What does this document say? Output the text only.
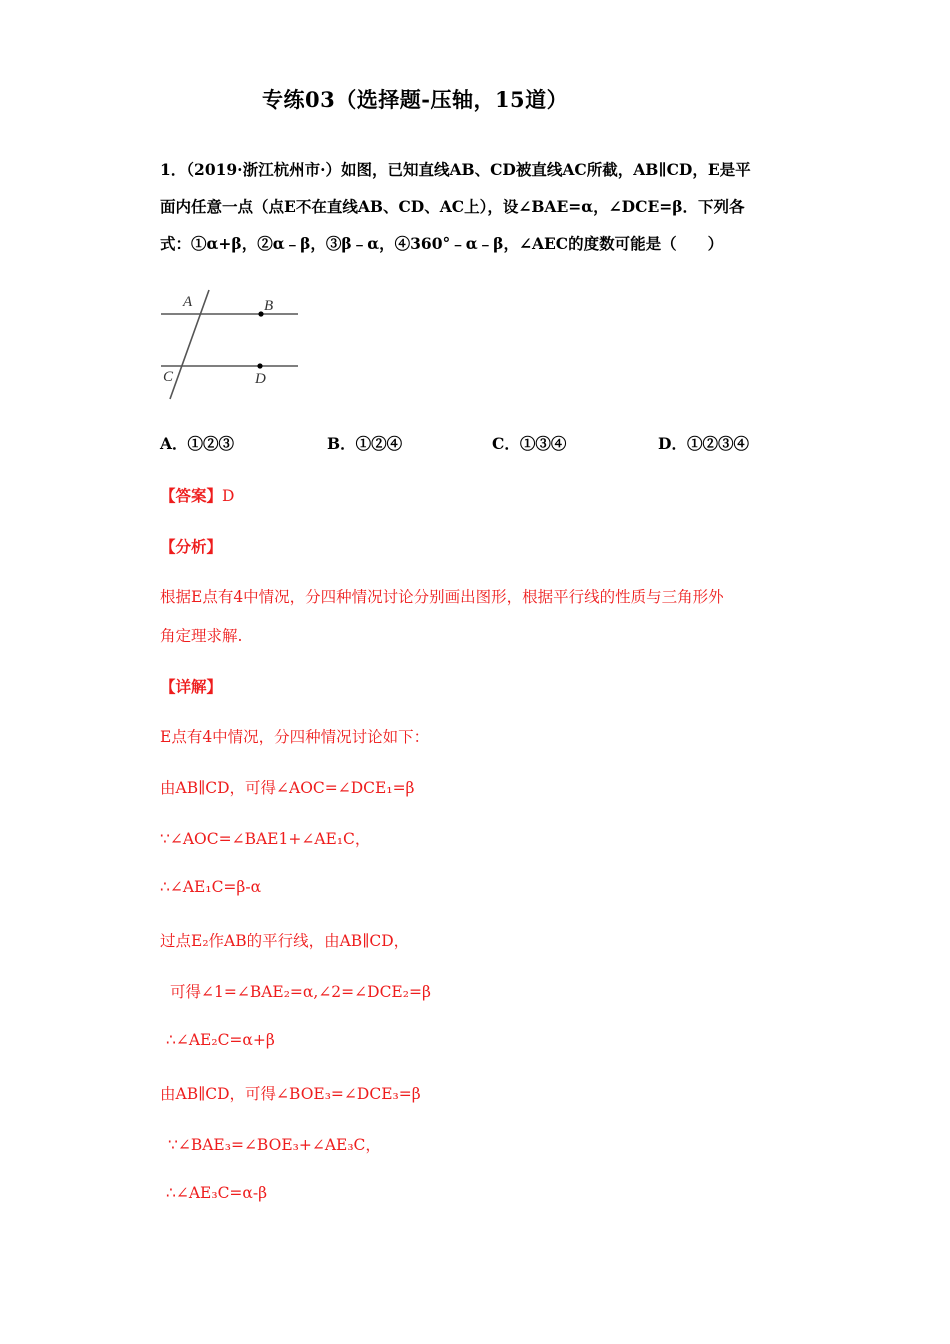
专练03（选择题-压轴，15道）
1．（2019·浙江杭州市·）如图，已知直线AB、CD被直线AC所截，AB∥CD，E是平
面内任意一点（点E不在直线AB、CD、AC上），设∠BAE=α，∠DCE=β．下列各
式：①α+β，②α﹣β，③β﹣α，④360°﹣α﹣β，∠AEC的度数可能是（　　）
A	B
C	D
A．①②③	B．①②④	C．①③④	D．①②③④
【答案】D
【分析】
根据E点有4中情况，分四种情况讨论分别画出图形，根据平行线的性质与三角形外
角定理求解.
【详解】
E点有4中情况，分四种情况讨论如下：
由AB∥CD，可得∠AOC=∠DCE₁=β
∵∠AOC=∠BAE1+∠AE₁C，
∴∠AE₁C=β-α
过点E₂作AB的平行线，由AB∥CD，
可得∠1=∠BAE₂=α,∠2=∠DCE₂=β
∴∠AE₂C=α+β
由AB∥CD，可得∠BOE₃=∠DCE₃=β
∵∠BAE₃=∠BOE₃+∠AE₃C，
∴∠AE₃C=α-β
